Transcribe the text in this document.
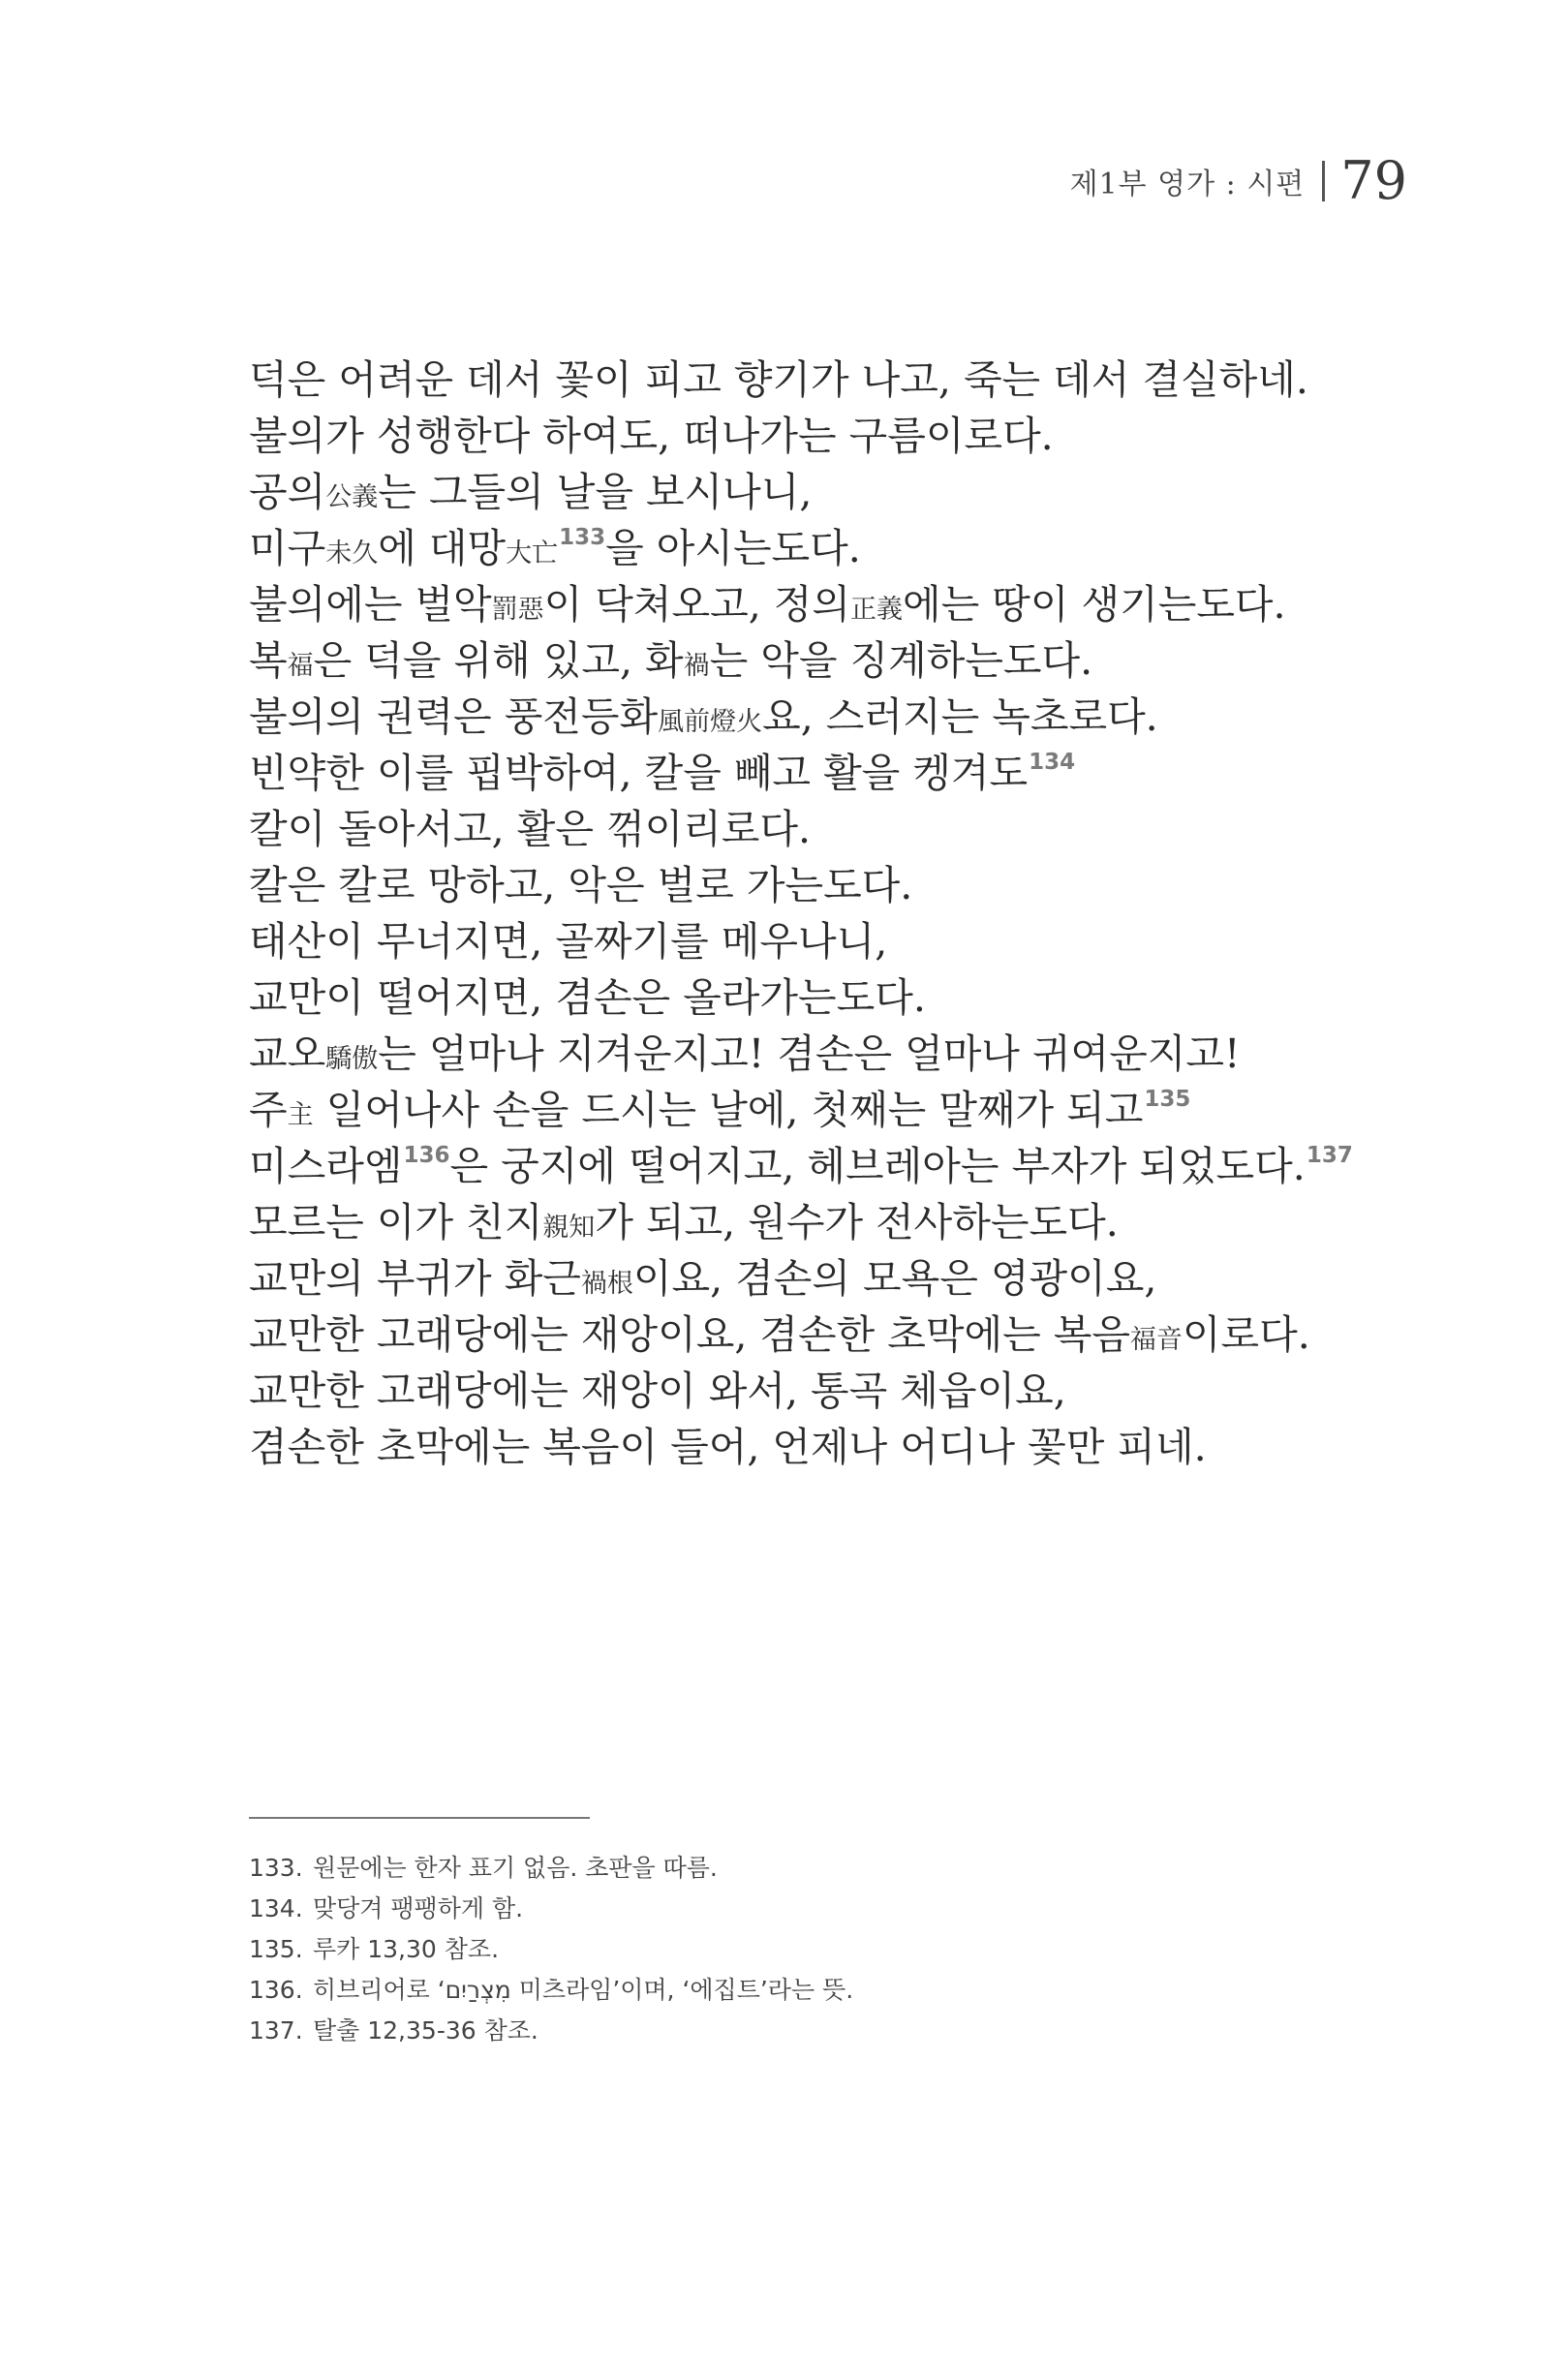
제1부 영가 : 시편 79
덕은 어려운 데서 꽃이 피고 향기가 나고, 죽는 데서 결실하네.
불의가 성행한다 하여도, 떠나가는 구름이로다.
공의公義는 그들의 날을 보시나니,
미구未久에 대망大亡$^{133}$을 아시는도다.
불의에는 벌악罰惡이 닥쳐오고, 정의正義에는 땅이 생기는도다.
복福은 덕을 위해 있고, 화禍는 악을 징계하는도다.
불의의 권력은 풍전등화風前燈火요, 스러지는 녹초로다.
빈약한 이를 핍박하여, 칼을 빼고 활을 켕겨도$^{134}$
칼이 돌아서고, 활은 꺾이리로다.
칼은 칼로 망하고, 악은 벌로 가는도다.
태산이 무너지면, 골짜기를 메우나니,
교만이 떨어지면, 겸손은 올라가는도다.
교오驕傲는 얼마나 지겨운지고! 겸손은 얼마나 귀여운지고!
주主 일어나사 손을 드시는 날에, 첫째는 말째가 되고$^{135}$
미스라엠$^{136}$은 궁지에 떨어지고, 헤브레아는 부자가 되었도다.$^{137}$
모르는 이가 친지親知가 되고, 원수가 전사하는도다.
교만의 부귀가 화근禍根이요, 겸손의 모욕은 영광이요,
교만한 고래당에는 재앙이요, 겸손한 초막에는 복음福音이로다.
교만한 고래당에는 재앙이 와서, 통곡 체읍이요,
겸손한 초막에는 복음이 들어, 언제나 어디나 꽃만 피네.
133. 원문에는 한자 표기 없음. 초판을 따름.
134. 맞당겨 팽팽하게 함.
135. 루카 13,30 참조.
136. 히브리어로 ‘מִצְרַיִם 미츠라임’이며, ‘에집트’라는 뜻.
137. 탈출 12,35-36 참조.
